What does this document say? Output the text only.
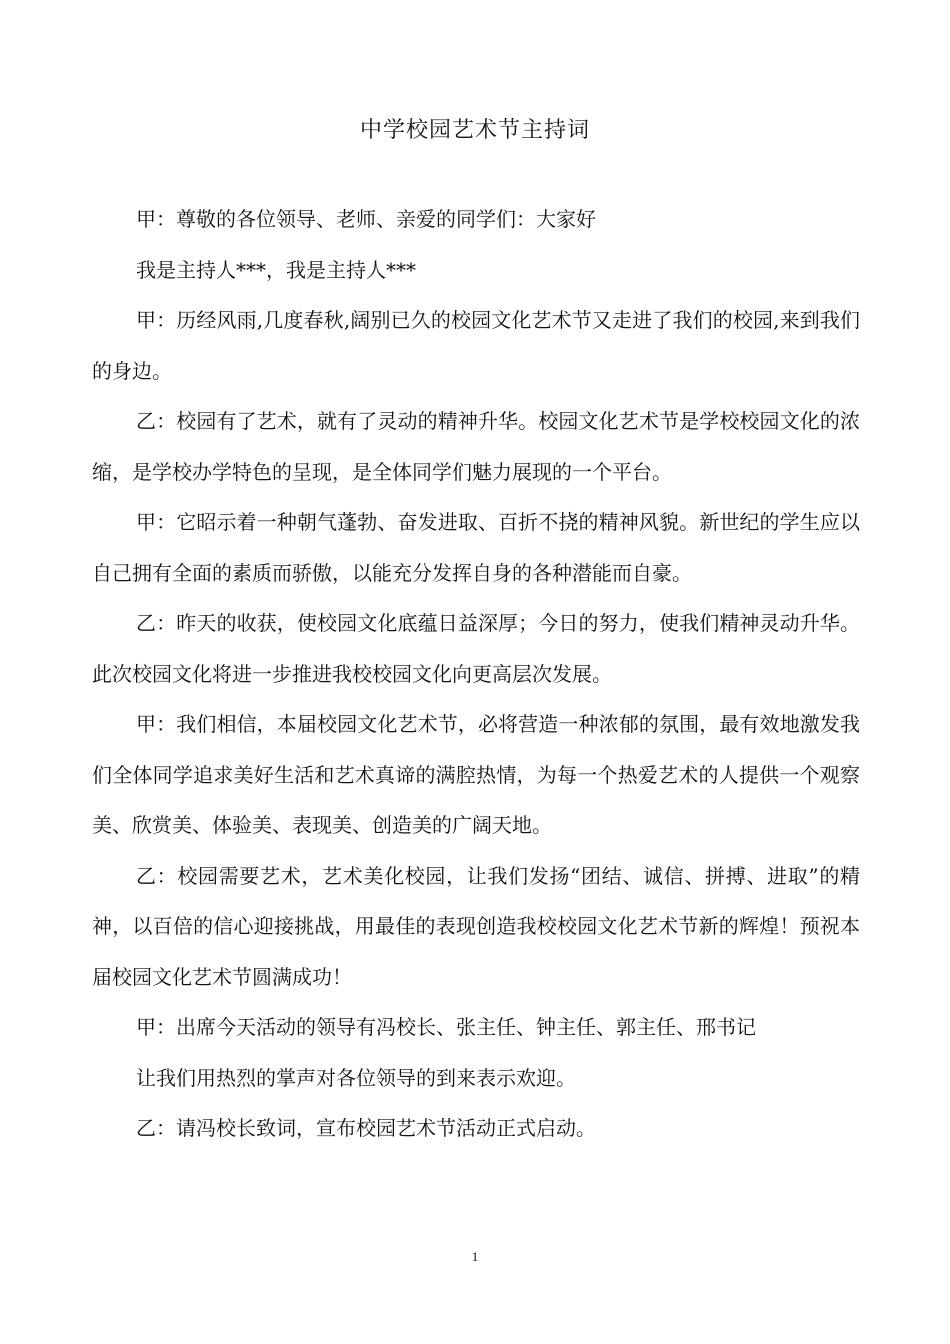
中学校园艺术节主持词

甲：尊敬的各位领导、老师、亲爱的同学们：大家好

我是主持人***，我是主持人***

甲：历经风雨,几度春秋,阔别已久的校园文化艺术节又走进了我们的校园,来到我们的身边。

乙：校园有了艺术，就有了灵动的精神升华。校园文化艺术节是学校校园文化的浓缩，是学校办学特色的呈现，是全体同学们魅力展现的一个平台。

甲：它昭示着一种朝气蓬勃、奋发进取、百折不挠的精神风貌。新世纪的学生应以自己拥有全面的素质而骄傲，以能充分发挥自身的各种潜能而自豪。

乙：昨天的收获，使校园文化底蕴日益深厚；今日的努力，使我们精神灵动升华。此次校园文化将进一步推进我校校园文化向更高层次发展。

甲：我们相信，本届校园文化艺术节，必将营造一种浓郁的氛围，最有效地激发我们全体同学追求美好生活和艺术真谛的满腔热情，为每一个热爱艺术的人提供一个观察美、欣赏美、体验美、表现美、创造美的广阔天地。

乙：校园需要艺术，艺术美化校园，让我们发扬“团结、诚信、拼搏、进取”的精神，以百倍的信心迎接挑战，用最佳的表现创造我校校园文化艺术节新的辉煌！预祝本届校园文化艺术节圆满成功！

甲：出席今天活动的领导有冯校长、张主任、钟主任、郭主任、邢书记

让我们用热烈的掌声对各位领导的到来表示欢迎。

乙：请冯校长致词，宣布校园艺术节活动正式启动。

1
